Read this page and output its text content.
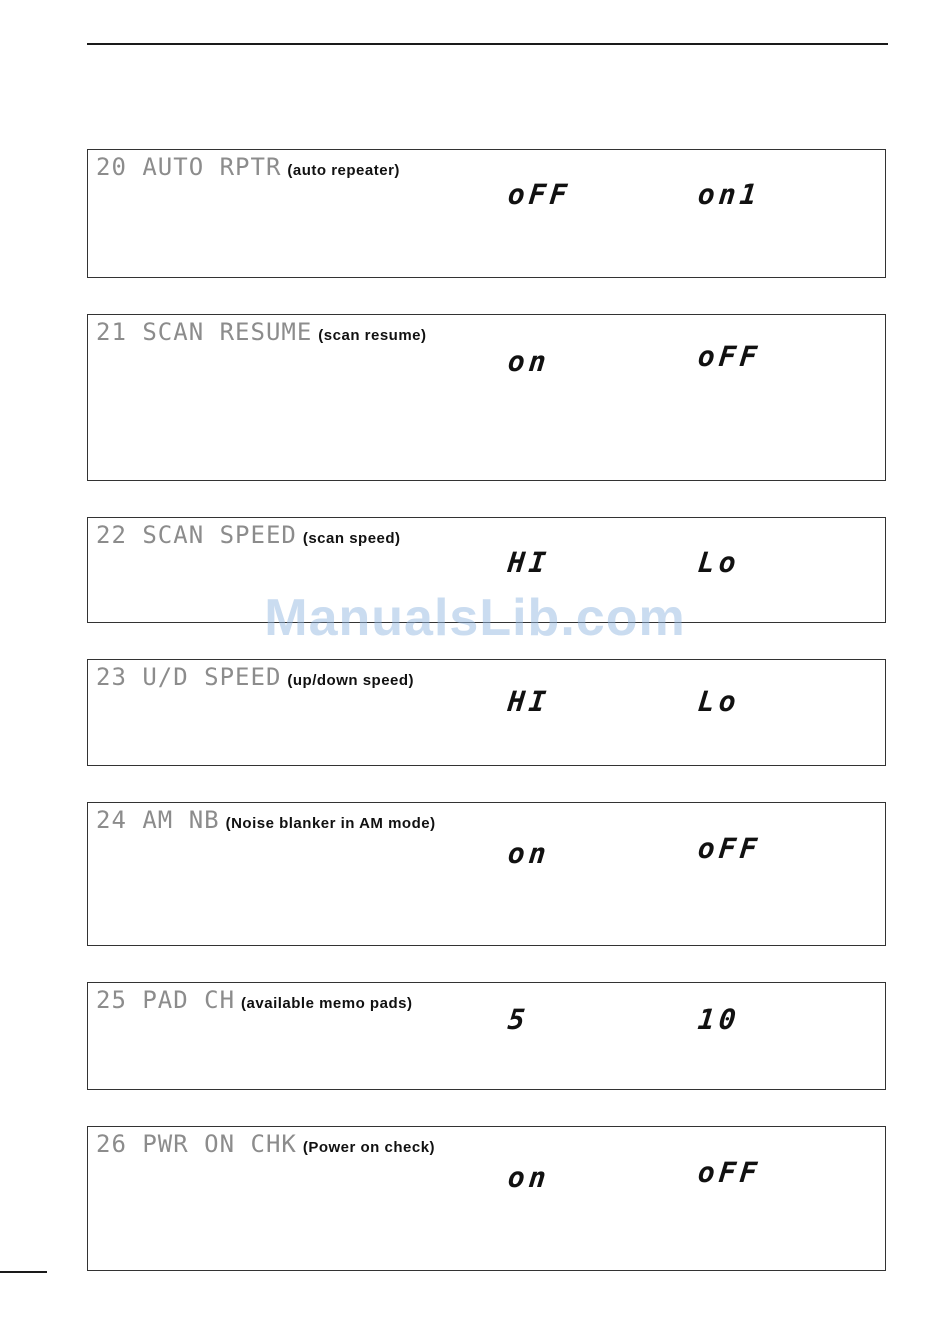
20 AUTO RPTR (auto repeater)
oFF	on1
21 SCAN RESUME (scan resume)
on	oFF
22 SCAN SPEED (scan speed)
HI	Lo
23 U/D SPEED (up/down speed)
HI	Lo
24 AM NB (Noise blanker in AM mode)
on	oFF
25 PAD CH (available memo pads)	5	10
26 PWR ON CHK (Power on check)
on	oFF
ManualsLib.com
